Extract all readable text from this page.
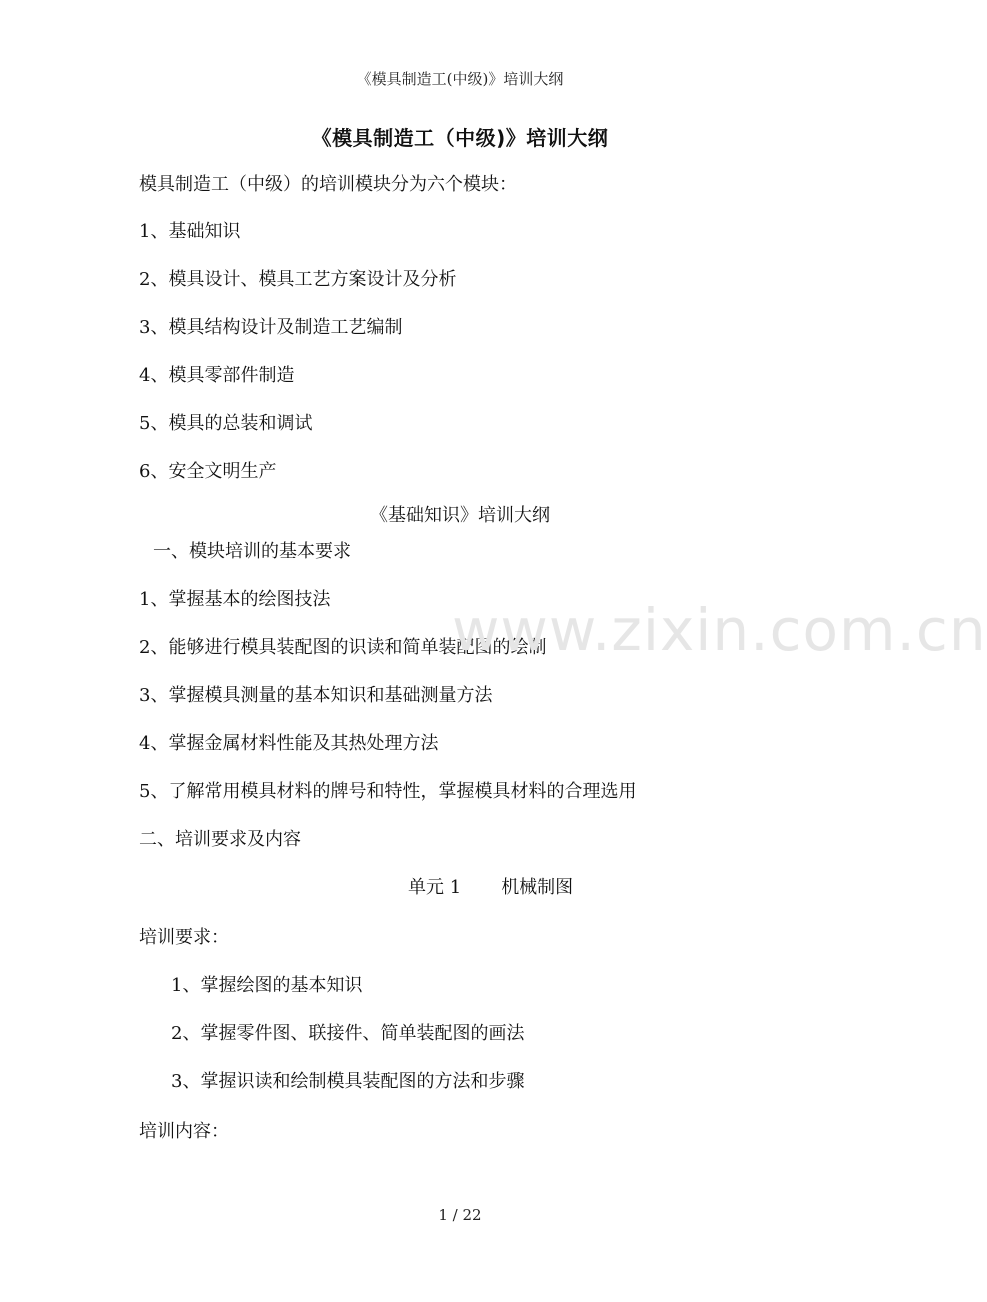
《模具制造工(中级)》培训大纲
《模具制造工（中级)》培训大纲
模具制造工（中级）的培训模块分为六个模块：
1、基础知识
2、模具设计、模具工艺方案设计及分析
3、模具结构设计及制造工艺编制
4、模具零部件制造
5、模具的总装和调试
6、安全文明生产
《基础知识》培训大纲
一、模块培训的基本要求
1、掌握基本的绘图技法
2、能够进行模具装配图的识读和简单装配图的绘制
3、掌握模具测量的基本知识和基础测量方法
4、掌握金属材料性能及其热处理方法
5、了解常用模具材料的牌号和特性，掌握模具材料的合理选用
二、培训要求及内容
单元 1 机械制图
培训要求：
1、掌握绘图的基本知识
2、掌握零件图、联接件、简单装配图的画法
3、掌握识读和绘制模具装配图的方法和步骤
培训内容：
www.zixin.com.cn
1 / 22
